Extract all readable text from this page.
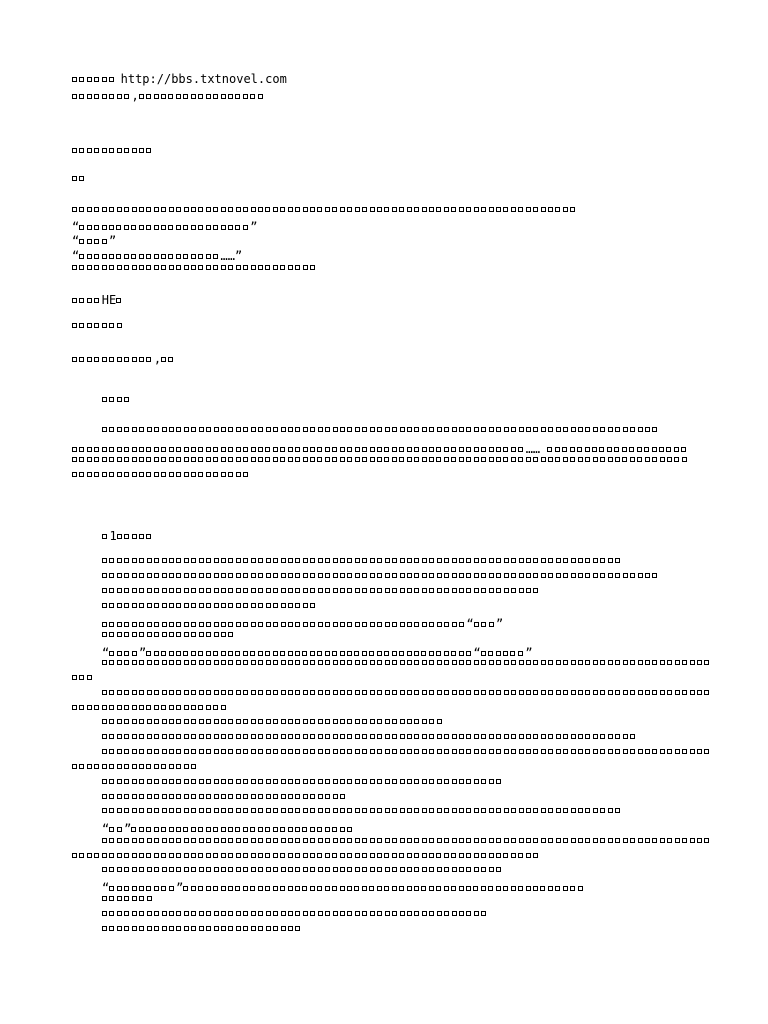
http://bbs.txtnovel.com
,
“	”
“ ”
“	……”
HE
,
……
1
“ ”
“ ”	“	”
“ ”
“	”
